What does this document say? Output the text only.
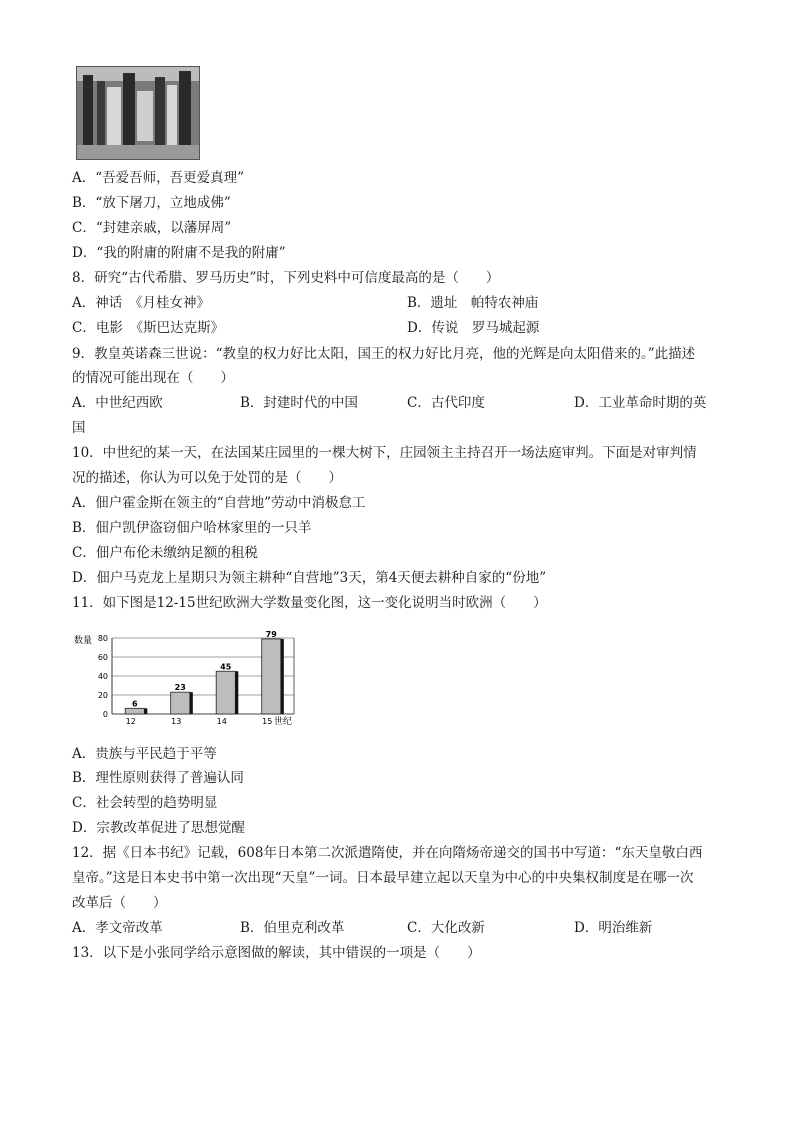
A．“吾爱吾师，吾更爱真理”
B．“放下屠刀，立地成佛”
C．“封建亲戚，以藩屏周”
D．“我的附庸的附庸不是我的附庸”
8．研究“古代希腊、罗马历史”时，下列史料中可信度最高的是（　　）
A．神话　《月桂女神》	B．遗址　帕特农神庙
C．电影　《斯巴达克斯》	D．传说　罗马城起源
9．教皇英诺森三世说：“教皇的权力好比太阳，国王的权力好比月亮，他的光辉是向太阳借来的。”此描述
的情况可能出现在（　　）
A．中世纪西欧	B．封建时代的中国	C．古代印度	D．工业革命时期的英
国
10．中世纪的某一天，在法国某庄园里的一棵大树下，庄园领主主持召开一场法庭审判。下面是对审判情
况的描述，你认为可以免于处罚的是（　　）
A．佃户霍金斯在领主的“自营地”劳动中消极怠工
B．佃户凯伊盗窃佃户哈林家里的一只羊
C．佃户布伦未缴纳足额的租税
D．佃户马克龙上星期只为领主耕种“自营地”3天，第4天便去耕种自家的“份地”
11．如下图是12-15世纪欧洲大学数量变化图，这一变化说明当时欧洲（　　）
0
20
40
60
80
6
23
45
79
12	13	14	15
数量
世纪
A．贵族与平民趋于平等
B．理性原则获得了普遍认同
C．社会转型的趋势明显
D．宗教改革促进了思想觉醒
12．据《日本书纪》记载，608年日本第二次派遣隋使，并在向隋炀帝递交的国书中写道：“东天皇敬白西
皇帝。”这是日本史书中第一次出现“天皇”一词。日本最早建立起以天皇为中心的中央集权制度是在哪一次
改革后（　　）
A．孝文帝改革	B．伯里克利改革	C．大化改新	D．明治维新
13．以下是小张同学给示意图做的解读，其中错误的一项是（　　）
